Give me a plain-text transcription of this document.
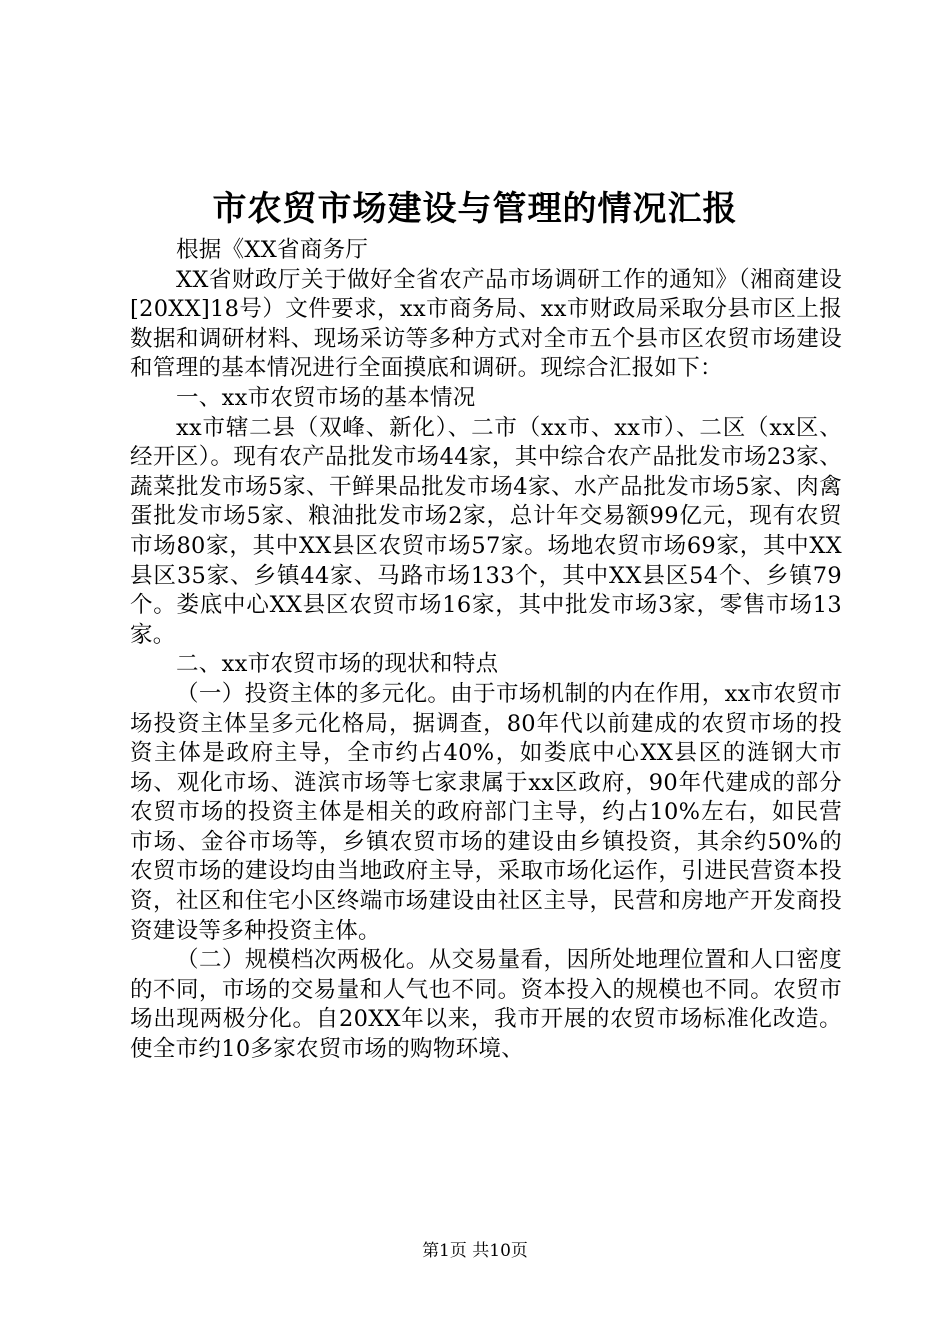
市农贸市场建设与管理的情况汇报

根据《XX省商务厅

XX省财政厅关于做好全省农产品市场调研工作的通知》（湘商建设[20XX]18号）文件要求，xx市商务局、xx市财政局采取分县市区上报数据和调研材料、现场采访等多种方式对全市五个县市区农贸市场建设和管理的基本情况进行全面摸底和调研。现综合汇报如下：

一、xx市农贸市场的基本情况

xx市辖二县（双峰、新化）、二市（xx市、xx市）、二区（xx区、经开区）。现有农产品批发市场44家，其中综合农产品批发市场23家、蔬菜批发市场5家、干鲜果品批发市场4家、水产品批发市场5家、肉禽蛋批发市场5家、粮油批发市场2家，总计年交易额99亿元，现有农贸市场80家，其中XX县区农贸市场57家。场地农贸市场69家，其中XX县区35家、乡镇44家、马路市场133个，其中XX县区54个、乡镇79个。娄底中心XX县区农贸市场16家，其中批发市场3家，零售市场13家。

二、xx市农贸市场的现状和特点

（一）投资主体的多元化。由于市场机制的内在作用，xx市农贸市场投资主体呈多元化格局，据调查，80年代以前建成的农贸市场的投资主体是政府主导，全市约占40%，如娄底中心XX县区的涟钢大市场、观化市场、涟滨市场等七家隶属于xx区政府，90年代建成的部分农贸市场的投资主体是相关的政府部门主导，约占10%左右，如民营市场、金谷市场等，乡镇农贸市场的建设由乡镇投资，其余约50%的农贸市场的建设均由当地政府主导，采取市场化运作，引进民营资本投资，社区和住宅小区终端市场建设由社区主导，民营和房地产开发商投资建设等多种投资主体。

（二）规模档次两极化。从交易量看，因所处地理位置和人口密度的不同，市场的交易量和人气也不同。资本投入的规模也不同。农贸市场出现两极分化。自20XX年以来，我市开展的农贸市场标准化改造。使全市约10多家农贸市场的购物环境、

第1页 共10页
